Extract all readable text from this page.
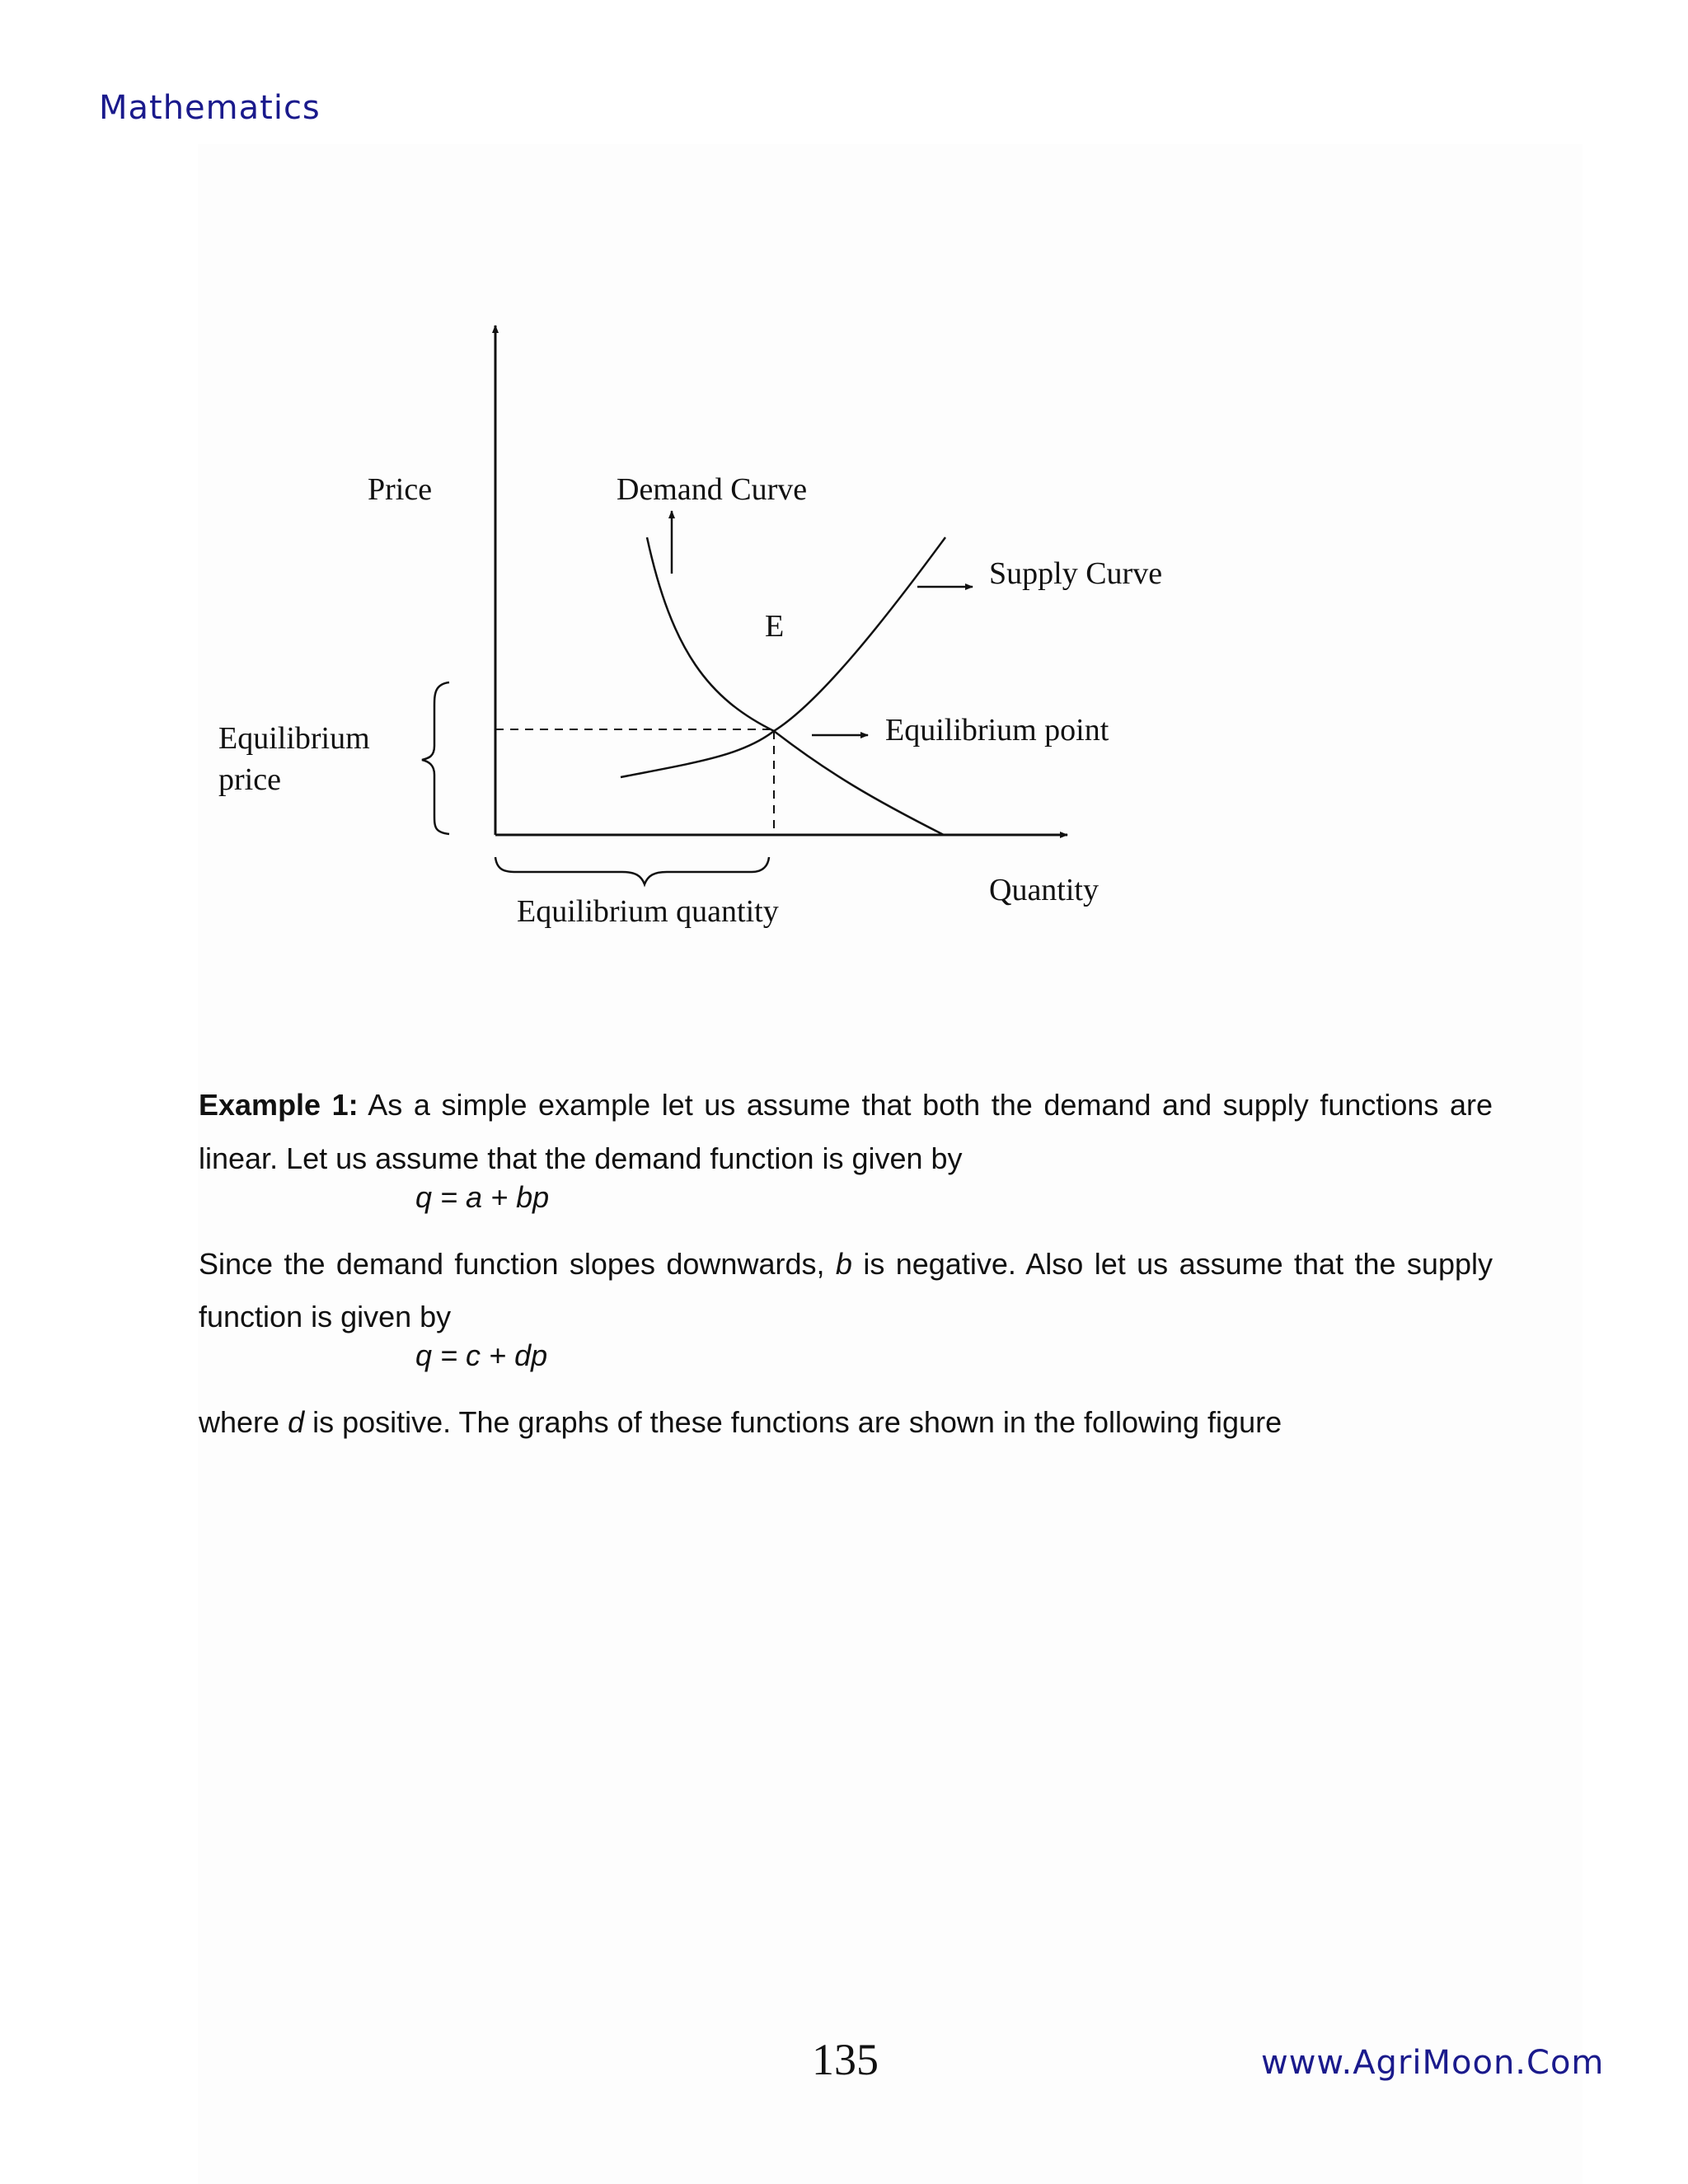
Mathematics
Price	Demand Curve
Supply Curve
E
Equilibrium point
Equilibrium
price
Quantity
Equilibrium quantity
Example 1: As a simple example let us assume that both the demand and supply functions are
linear. Let us assume that the demand function is given by
q = a + bp
Since the demand function slopes downwards, b is negative. Also let us assume that the supply
function is given by
q = c + dp
where d is positive. The graphs of these functions are shown in the following figure
135	www.AgriMoon.Com
